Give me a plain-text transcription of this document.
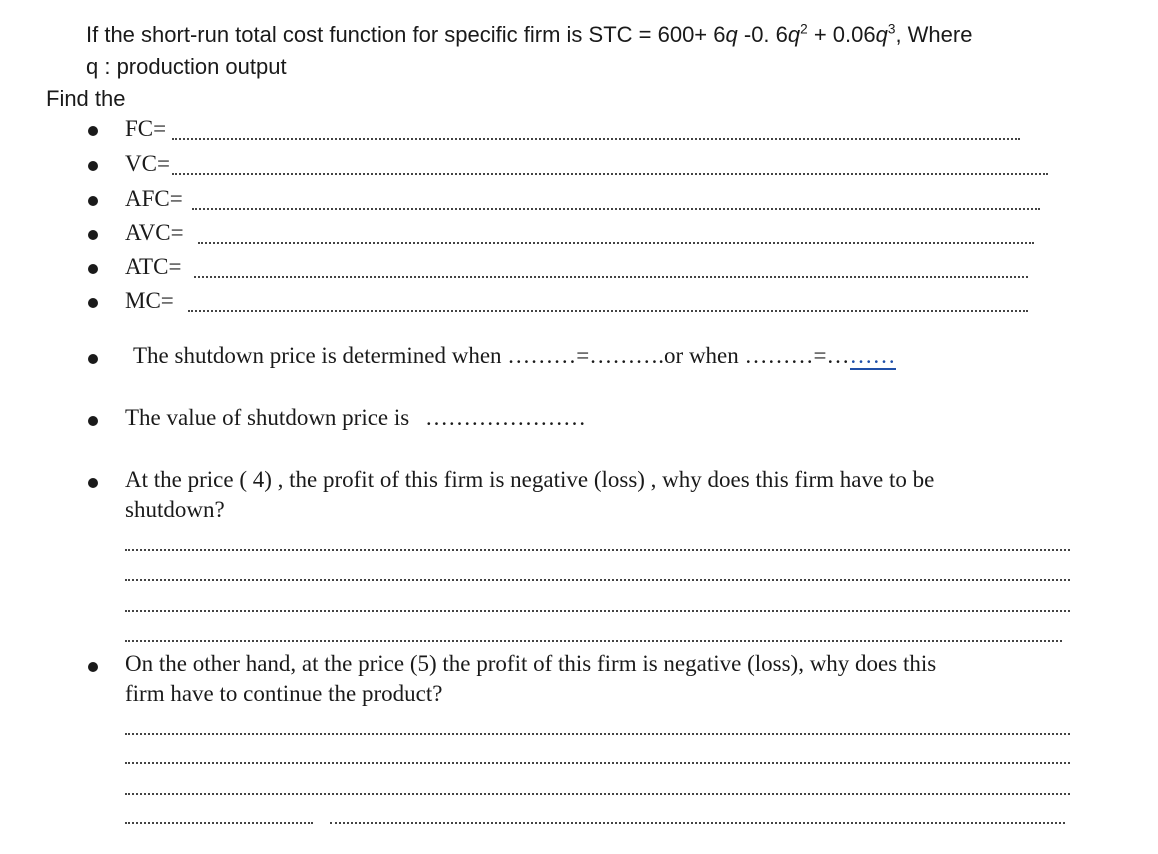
If the short-run total cost function for specific firm is STC = 600+ 6q -0. $6q^2 + 0.06q^3$, Where
q : production output
Find the
FC=
VC=
AFC=
AVC=
ATC=
MC=
The shutdown price is determined when ………=……….or when ………=………
The value of shutdown price is …………………
At the price ( 4) , the profit of this firm is negative (loss) , why does this firm have to be
shutdown?
On the other hand, at the price (5) the profit of this firm is negative (loss), why does this
firm have to continue the product?
